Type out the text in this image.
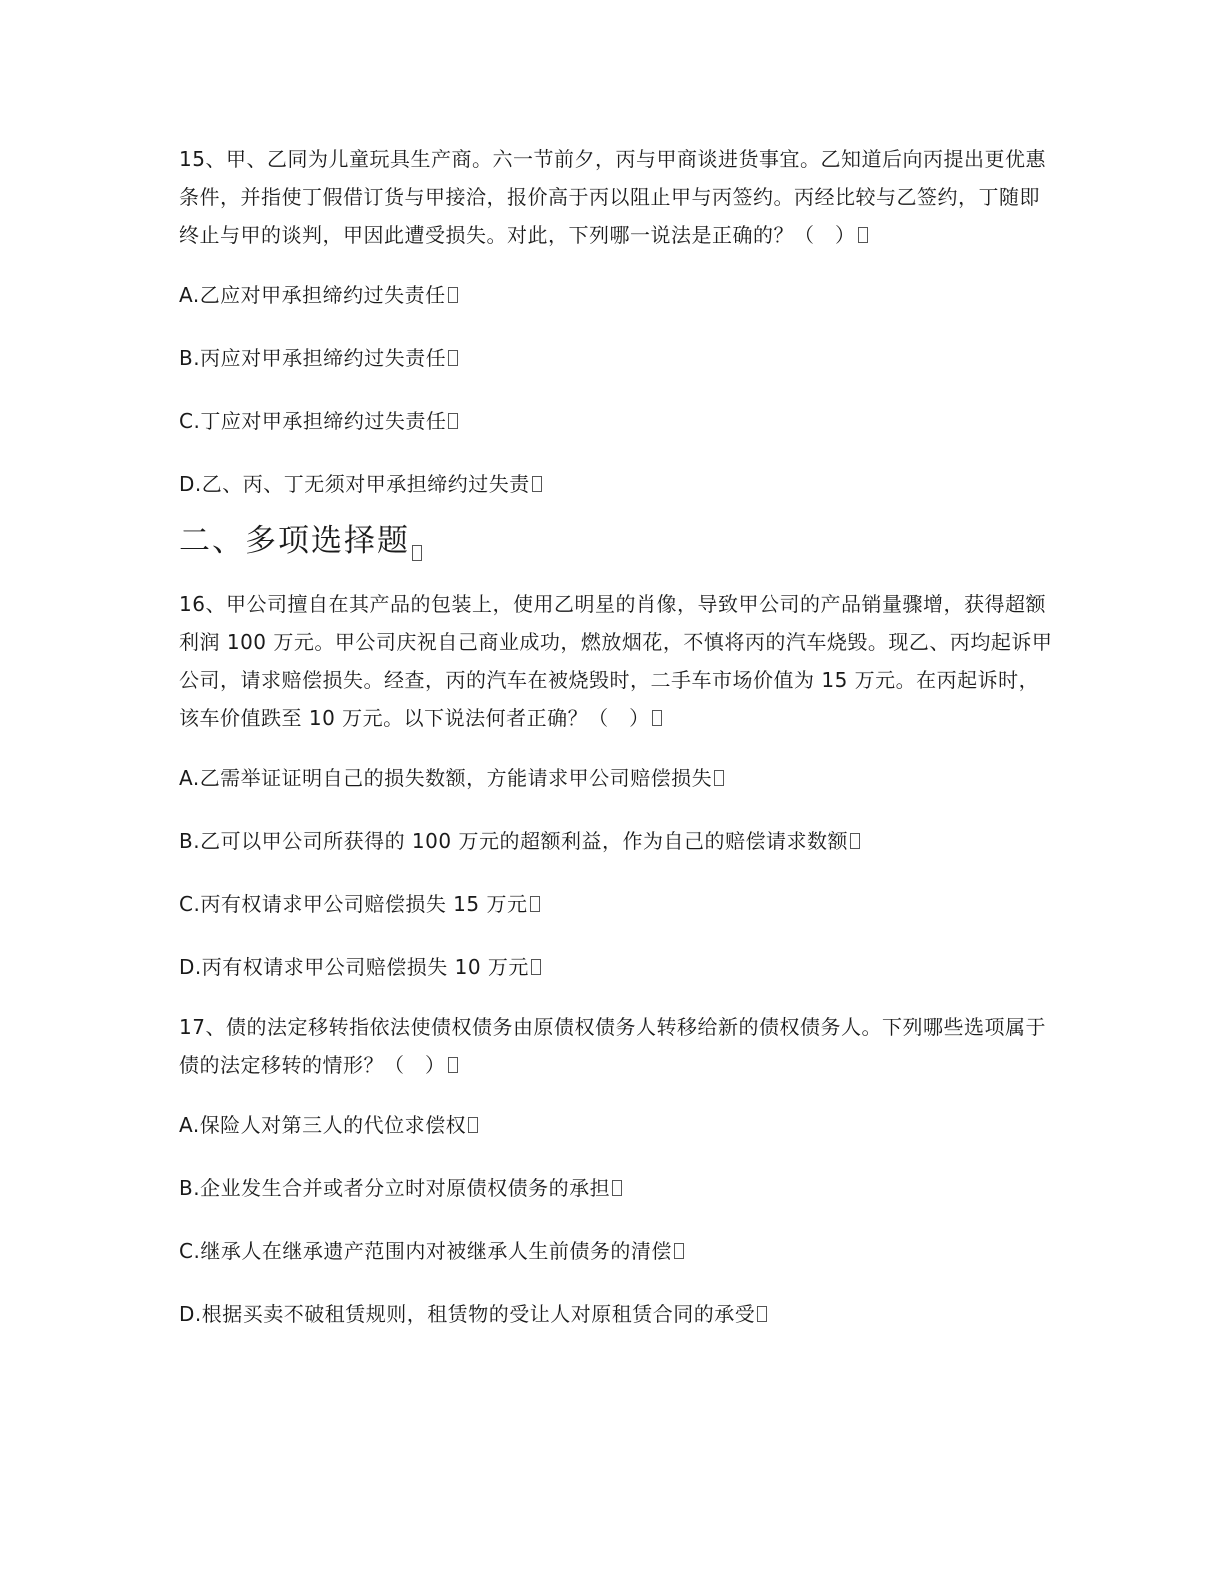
15、甲、乙同为儿童玩具生产商。六一节前夕，丙与甲商谈进货事宜。乙知道后向丙提出更优惠条件，并指使丁假借订货与甲接洽，报价高于丙以阻止甲与丙签约。丙经比较与乙签约，丁随即终止与甲的谈判，甲因此遭受损失。对此，下列哪一说法是正确的？（　）

A.乙应对甲承担缔约过失责任

B.丙应对甲承担缔约过失责任

C.丁应对甲承担缔约过失责任

D.乙、丙、丁无须对甲承担缔约过失责

二、多项选择题

16、甲公司擅自在其产品的包装上，使用乙明星的肖像，导致甲公司的产品销量骤增，获得超额利润 100 万元。甲公司庆祝自己商业成功，燃放烟花，不慎将丙的汽车烧毁。现乙、丙均起诉甲公司，请求赔偿损失。经查，丙的汽车在被烧毁时，二手车市场价值为 15 万元。在丙起诉时，该车价值跌至 10 万元。以下说法何者正确？（　）

A.乙需举证证明自己的损失数额，方能请求甲公司赔偿损失

B.乙可以甲公司所获得的 100 万元的超额利益，作为自己的赔偿请求数额

C.丙有权请求甲公司赔偿损失 15 万元

D.丙有权请求甲公司赔偿损失 10 万元

17、债的法定移转指依法使债权债务由原债权债务人转移给新的债权债务人。下列哪些选项属于债的法定移转的情形？（　）

A.保险人对第三人的代位求偿权

B.企业发生合并或者分立时对原债权债务的承担

C.继承人在继承遗产范围内对被继承人生前债务的清偿

D.根据买卖不破租赁规则，租赁物的受让人对原租赁合同的承受
